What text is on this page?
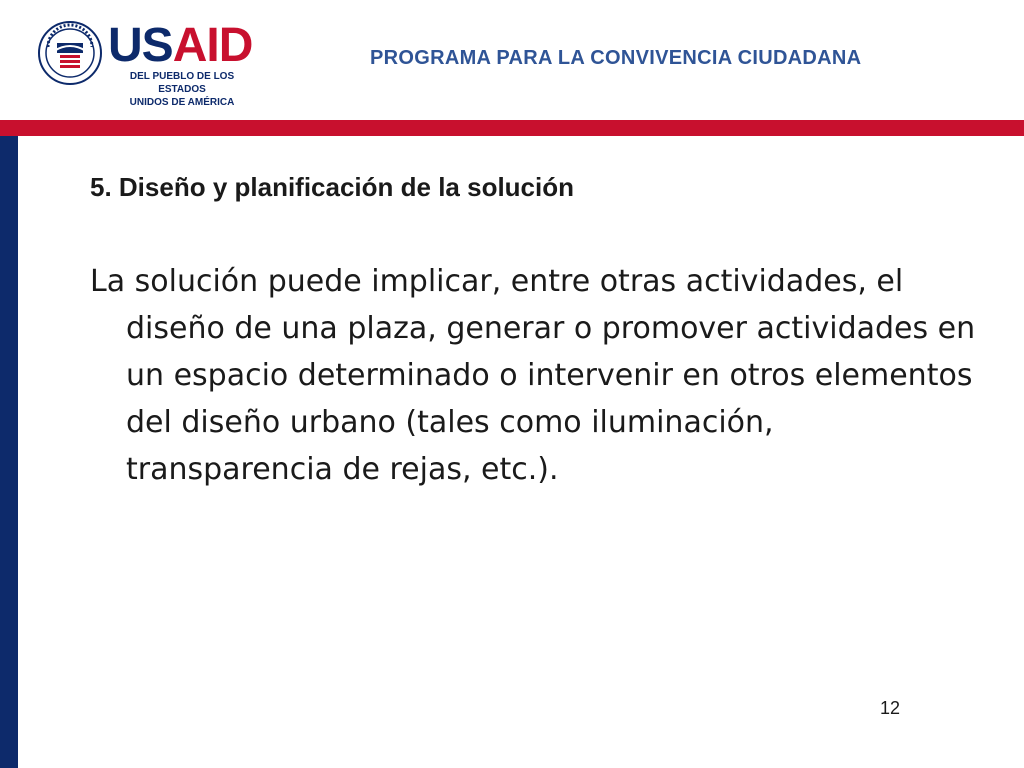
USAID
DEL PUEBLO DE LOS ESTADOS
UNIDOS DE AMÉRICA
PROGRAMA PARA LA CONVIVENCIA CIUDADANA
5. Diseño y planificación de la solución

La solución puede implicar, entre otras actividades, el diseño de una plaza, generar o promover actividades en un espacio determinado o intervenir en otros elementos del diseño urbano (tales como iluminación, transparencia de rejas, etc.).

12
